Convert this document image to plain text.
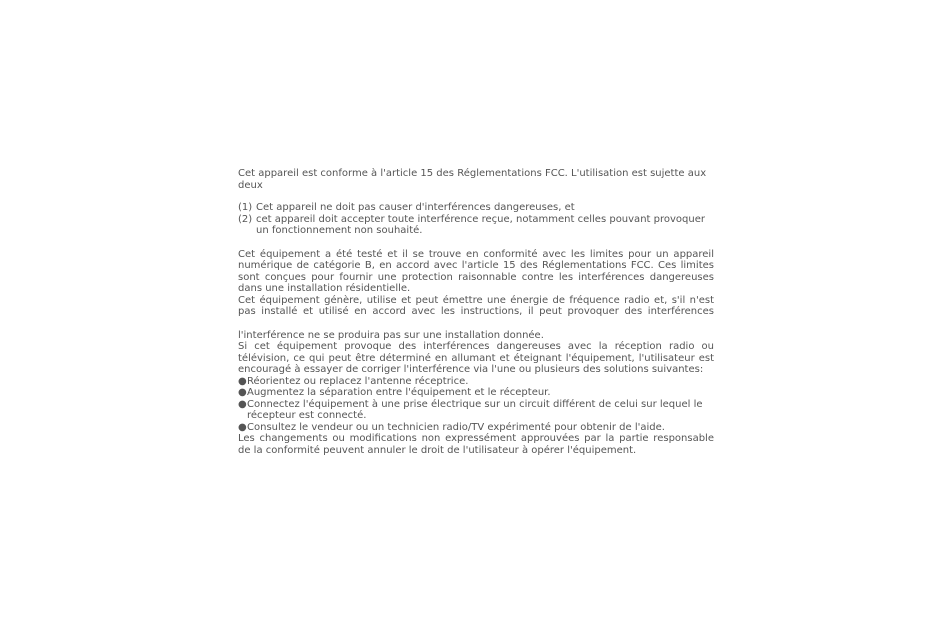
Cet appareil est conforme à l'article 15 des Réglementations FCC. L'utilisation est sujette aux deux

(1) Cet appareil ne doit pas causer d'interférences dangereuses, et
(2) cet appareil doit accepter toute interférence reçue, notamment celles pouvant provoquer un fonctionnement non souhaité.

Cet équipement a été testé et il se trouve en conformité avec les limites pour un appareil numérique de catégorie B, en accord avec l'article 15 des Réglementations FCC. Ces limites sont conçues pour fournir une protection raisonnable contre les interférences dangereuses dans une installation résidentielle.

Cet équipement génère, utilise et peut émettre une énergie de fréquence radio et, s'il n'est pas installé et utilisé en accord avec les instructions, il peut provoquer des interférences

l'interférence ne se produira pas sur une installation donnée.

Si cet équipement provoque des interférences dangereuses avec la réception radio ou télévision, ce qui peut être déterminé en allumant et éteignant l'équipement, l'utilisateur est encouragé à essayer de corriger l'interférence via l'une ou plusieurs des solutions suivantes:

● Réorientez ou replacez l'antenne réceptrice.
● Augmentez la séparation entre l'équipement et le récepteur.
● Connectez l'équipement à une prise électrique sur un circuit différent de celui sur lequel le récepteur est connecté.
● Consultez le vendeur ou un technicien radio/TV expérimenté pour obtenir de l'aide.

Les changements ou modifications non expressément approuvées par la partie responsable de la conformité peuvent annuler le droit de l'utilisateur à opérer l'équipement.
